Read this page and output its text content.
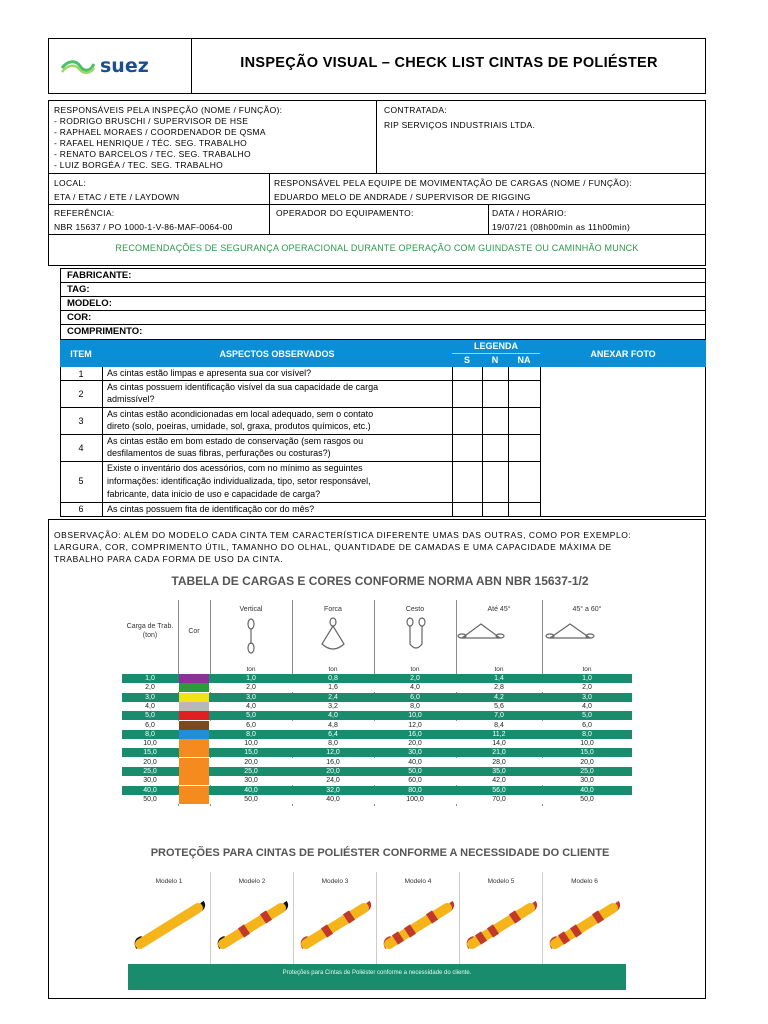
suez	INSPEÇÃO VISUAL – CHECK LIST CINTAS DE POLIÉSTER
RESPONSÁVEIS PELA INSPEÇÃO (NOME / FUNÇÃO):
- RODRIGO BRUSCHI / SUPERVISOR DE HSE
- RAPHAEL MORAES / COORDENADOR DE QSMA
- RAFAEL HENRIQUE / TÉC. SEG. TRABALHO
- RENATO BARCELOS / TEC. SEG. TRABALHO
- LUIZ BORGÉA / TEC. SEG. TRABALHO
CONTRATADA:
RIP SERVIÇOS INDUSTRIAIS LTDA.
LOCAL:
ETA / ETAC / ETE / LAYDOWN
RESPONSÁVEL PELA EQUIPE DE MOVIMENTAÇÃO DE CARGAS (NOME / FUNÇÃO):
EDUARDO MELO DE ANDRADE / SUPERVISOR DE RIGGING
REFERÊNCIA:
NBR 15637 / PO 1000-1-V-86-MAF-0064-00
OPERADOR DO EQUIPAMENTO:	DATA / HORÁRIO:
19/07/21 (08h00min as 11h00min)
RECOMENDAÇÕES DE SEGURANÇA OPERACIONAL DURANTE OPERAÇÃO COM GUINDASTE OU CAMINHÃO MUNCK
FABRICANTE:
TAG:
MODELO:
COR:
COMPRIMENTO:
ITEM	ASPECTOS OBSERVADOS
LEGENDA
S	N	NA
ANEXAR FOTO
1	As cintas estão limpas e apresenta sua cor visível?
2
As cintas possuem identificação visível da sua capacidade de carga
admissível?
3
As cintas estão acondicionadas em local adequado, sem o contato
direto (solo, poeiras, umidade, sol, graxa, produtos químicos, etc.)
4
As cintas estão em bom estado de conservação (sem rasgos ou
desfilamentos de suas fibras, perfurações ou costuras?)
5
Existe o inventário dos acessórios, com no mínimo as seguintes
informações: identificação individualizada, tipo, setor responsável,
fabricante, data inicio de uso e capacidade de carga?
6	As cintas possuem fita de identificação cor do mês?
OBSERVAÇÃO: ALÉM DO MODELO CADA CINTA TEM CARACTERÍSTICA DIFERENTE UMAS DAS OUTRAS, COMO POR EXEMPLO:
LARGURA, COR, COMPRIMENTO ÚTIL, TAMANHO DO OLHAL, QUANTIDADE DE CAMADAS E UMA CAPACIDADE MÁXIMA DE
TRABALHO PARA CADA FORMA DE USO DA CINTA.
TABELA DE CARGAS E CORES CONFORME NORMA ABN NBR 15637-1/2
Carga de Trab. (ton)
Cor
Vertical	Forca	Cesto	Até 45°	45° a 60°
ton	ton	ton	ton	ton
1,0	1,0	0,8	2,0	1,4	1,0
2,0	2,0	1,6	4,0	2,8	2,0
3,0	3,0	2,4	6,0	4,2	3,0
4,0	4,0	3,2	8,0	5,6	4,0
5,0	5,0	4,0	10,0	7,0	5,0
6,0	6,0	4,8	12,0	8,4	6,0
8,0	8,0	6,4	16,0	11,2	8,0
10,0	10,0	8,0	20,0	14,0	10,0
15,0	15,0	12,0	30,0	21,0	15,0
20,0	20,0	16,0	40,0	28,0	20,0
25,0	25,0	20,0	50,0	35,0	25,0
30,0	30,0	24,0	60,0	42,0	30,0
40,0	40,0	32,0	80,0	56,0	40,0
50,0	50,0	40,0	100,0	70,0	50,0
PROTEÇÕES PARA CINTAS DE POLIÉSTER CONFORME A NECESSIDADE DO CLIENTE
Modelo 1	Modelo 2	Modelo 3	Modelo 4	Modelo 5	Modelo 6
Proteções para Cintas de Poliéster conforme a necessidade do cliente.
